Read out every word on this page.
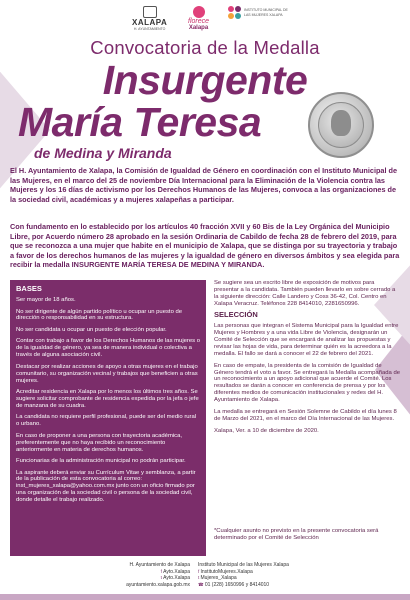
XALAPA
H. AYUNTAMIENTO
florece
Xalapa
INSTITUTO MUNICIPAL DE LAS MUJERES XALAPA
Convocatoria de la Medalla
Insurgente
María Teresa
de Medina y Miranda
El H. Ayuntamiento de Xalapa, la Comisión de Igualdad de Género en coordinación con el Instituto Municipal de las Mujeres, en el marco del 25 de noviembre Día Internacional para la Eliminación de la Violencia contra las Mujeres y los 16 días de activismo por los Derechos Humanos de las Mujeres, convoca a las organizaciones de la sociedad civil, académicas y a mujeres xalapeñas a participar.
Con fundamento en lo establecido por los artículos 40 fracción XVII y 60 Bis de la Ley Orgánica del Municipio Libre, por Acuerdo número 28 aprobado en la sesión Ordinaria de Cabildo de fecha 28 de febrero del 2019, para que se reconozca a una mujer que habite en el municipio de Xalapa, que se distinga por su trayectoria y trabajo a favor de los derechos humanos de las mujeres y la igualdad de género en diversos ámbitos y sea elegida para recibir la medalla INSURGENTE MARÍA TERESA DE MEDINA Y MIRANDA.
BASES

Ser mayor de 18 años.

No ser dirigente de algún partido político u ocupar un puesto de dirección o responsabilidad en su estructura.

No ser candidata u ocupar un puesto de elección popular.

Contar con trabajo a favor de los Derechos Humanos de las mujeres o de la igualdad de género, ya sea de manera individual o colectiva a través de alguna asociación civil.

Destacar por realizar acciones de apoyo a otras mujeres en el trabajo comunitario, su organización vecinal y trabajos que beneficien a otras mujeres.

Acreditar residencia en Xalapa por lo menos los últimos tres años. Se sugiere solicitar comprobante de residencia expedida por la jefa o jefe de manzana de su cuadra.

La candidata no requiere perfil profesional, puede ser del medio rural o urbano.

En caso de proponer a una persona con trayectoria académica, preferentemente que no haya recibido un reconocimiento anteriormente en materia de derechos humanos.

Funcionarias de la administración municipal no podrán participar.

La aspirante deberá enviar su Currículum Vitae y semblanza, a partir de la publicación de esta convocatoria al correo: inst_mujeres_xalapa@yahoo.com.mx junto con un oficio firmado por una organización de la sociedad civil o persona de la sociedad civil, donde detalle el trabajo realizado.

Se sugiere sea un escrito libre de exposición de motivos para presentar a la candidata. También pueden llevarlo en sobre cerrado a la siguiente dirección: Calle Landero y Coss 36-42, Col. Centro en Xalapa Veracruz. Teléfonos 228 8414010, 2281650996.

SELECCIÓN

Las personas que integran el Sistema Municipal para la Igualdad entre Mujeres y Hombres y a una vida Libre de Violencia, designarán un Comité de Selección que se encargará de analizar las propuestas y revisar las hojas de vida, para determinar quién es la acreedora a la medalla. El fallo se dará a conocer el 22 de febrero del 2021.

En caso de empate, la presidenta de la comisión de Igualdad de Género tendrá el voto a favor. Se entregará la Medalla acompañada de un reconocimiento a un apoyo adicional que acuerde el Comité. Los resultados se darán a conocer en conferencia de prensa y por los diferentes medios de comunicación institucionales y redes del H. Ayuntamiento de Xalapa.

La medalla se entregará en Sesión Solemne de Cabildo el día lunes 8 de Marzo del 2021, en el marco del Día Internacional de las Mujeres.

Xalapa, Ver. a 10 de diciembre de 2020.

*Cualquier asunto no previsto en la presente convocatoria será determinado por el Comité de Selección
H. Ayuntamiento de Xalapa
f Ayto.Xalapa
t Ayto.Xalapa
ayuntamiento.xalapa.gob.mx
Instituto Municipal de las Mujeres Xalapa
f InstitutoMujeres.Xalapa
t Mujeres_Xalapa
☎ 01 (228) 1650996 y 8414010
